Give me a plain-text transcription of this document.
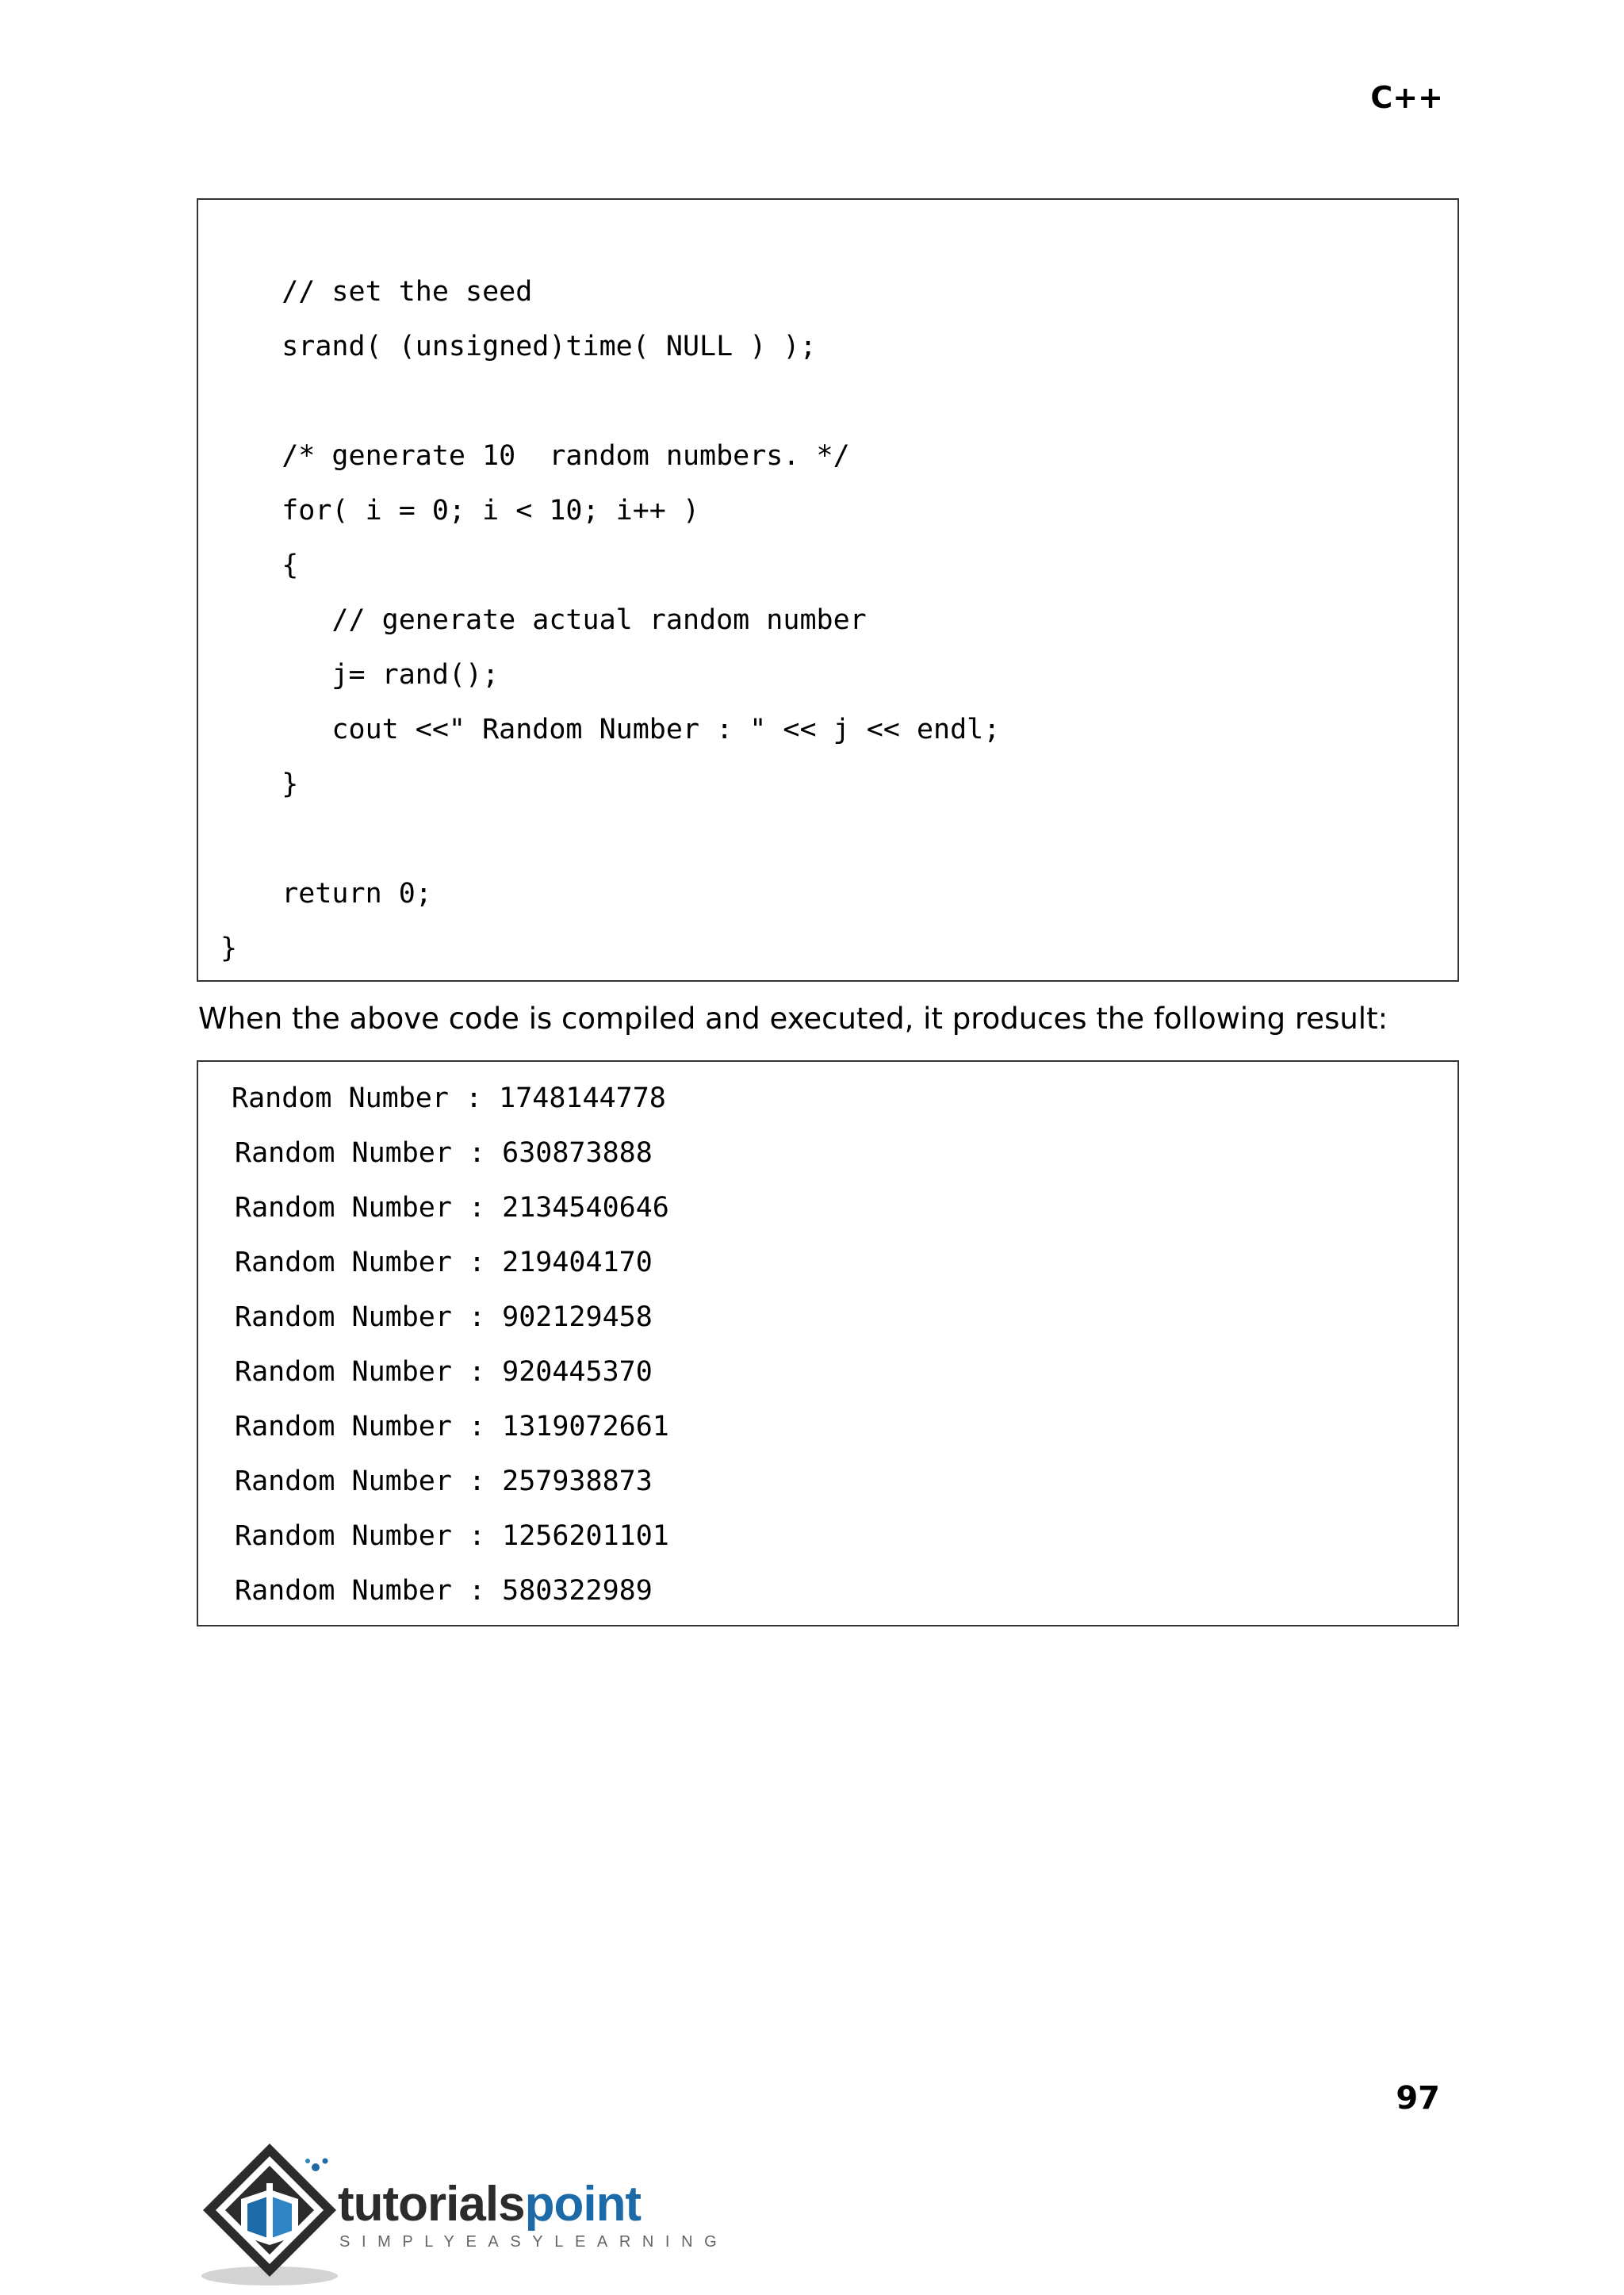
C++
// set the seed
srand( (unsigned)time( NULL ) );
/* generate 10  random numbers. */
for( i = 0; i < 10; i++ )
{
// generate actual random number
j= rand();
cout <<" Random Number : " << j << endl;
}
return 0;
}
When the above code is compiled and executed, it produces the following result:
Random Number : 1748144778
Random Number : 630873888
Random Number : 2134540646
Random Number : 219404170
Random Number : 902129458
Random Number : 920445370
Random Number : 1319072661
Random Number : 257938873
Random Number : 1256201101
Random Number : 580322989
97
tutorialspoint
SIMPLYEASYLEARNING
